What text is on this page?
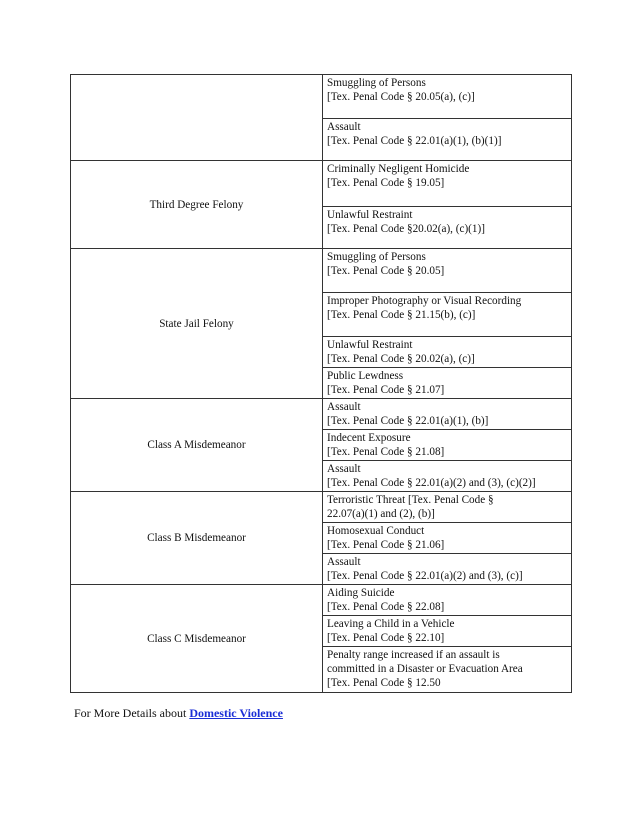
	Smuggling of Persons
[Tex. Penal Code § 20.05(a), (c)]

	Assault
[Tex. Penal Code § 22.01(a)(1), (b)(1)]

Third Degree Felony	Criminally Negligent Homicide
[Tex. Penal Code § 19.05]

	Unlawful Restraint
[Tex. Penal Code §20.02(a), (c)(1)]

State Jail Felony	Smuggling of Persons
[Tex. Penal Code § 20.05]

	Improper Photography or Visual Recording
[Tex. Penal Code § 21.15(b), (c)]

	Unlawful Restraint
[Tex. Penal Code § 20.02(a), (c)]

	Public Lewdness
[Tex. Penal Code § 21.07]

Class A Misdemeanor	Assault
[Tex. Penal Code § 22.01(a)(1), (b)]

	Indecent Exposure
[Tex. Penal Code § 21.08]

	Assault
[Tex. Penal Code § 22.01(a)(2) and (3), (c)(2)]

Class B Misdemeanor	Terroristic Threat [Tex. Penal Code §
22.07(a)(1) and (2), (b)]

	Homosexual Conduct
[Tex. Penal Code § 21.06]

	Assault
[Tex. Penal Code § 22.01(a)(2) and (3), (c)]

Class C Misdemeanor	Aiding Suicide
[Tex. Penal Code § 22.08]

	Leaving a Child in a Vehicle
[Tex. Penal Code § 22.10]

	Penalty range increased if an assault is
committed in a Disaster or Evacuation Area
[Tex. Penal Code § 12.50
For More Details about Domestic Violence
